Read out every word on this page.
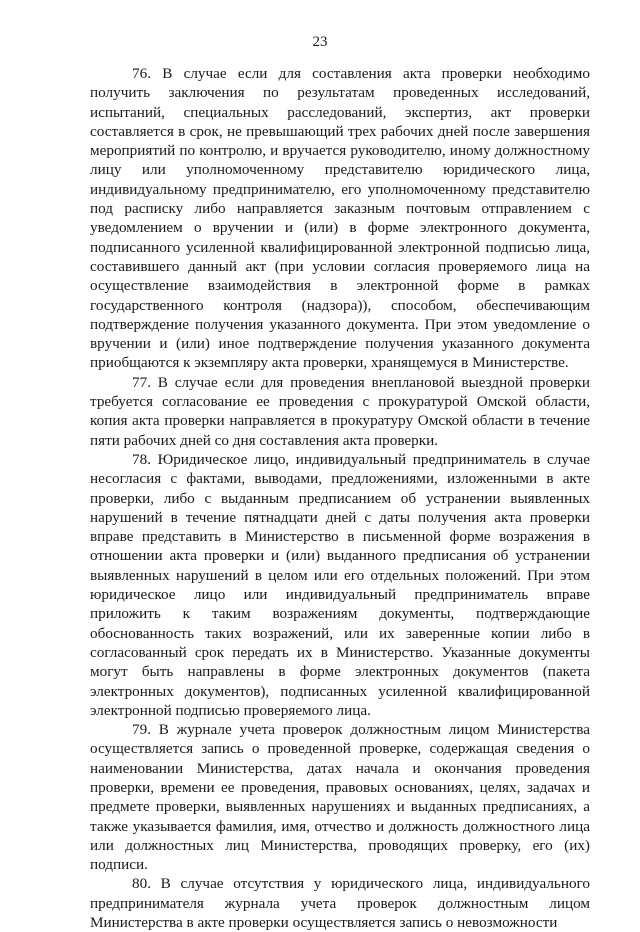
23

76. В случае если для составления акта проверки необходимо получить заключения по результатам проведенных исследований, испытаний, специальных расследований, экспертиз, акт проверки составляется в срок, не превышающий трех рабочих дней после завершения мероприятий по контролю, и вручается руководителю, иному должностному лицу или уполномоченному представителю юридического лица, индивидуальному предпринимателю, его уполномоченному представителю под расписку либо направляется заказным почтовым отправлением с уведомлением о вручении и (или) в форме электронного документа, подписанного усиленной квалифицированной электронной подписью лица, составившего данный акт (при условии согласия проверяемого лица на осуществление взаимодействия в электронной форме в рамках государственного контроля (надзора)), способом, обеспечивающим подтверждение получения указанного документа. При этом уведомление о вручении и (или) иное подтверждение получения указанного документа приобщаются к экземпляру акта проверки, хранящемуся в Министерстве.

77. В случае если для проведения внеплановой выездной проверки требуется согласование ее проведения с прокуратурой Омской области, копия акта проверки направляется в прокуратуру Омской области в течение пяти рабочих дней со дня составления акта проверки.

78. Юридическое лицо, индивидуальный предприниматель в случае несогласия с фактами, выводами, предложениями, изложенными в акте проверки, либо с выданным предписанием об устранении выявленных нарушений в течение пятнадцати дней с даты получения акта проверки вправе представить в Министерство в письменной форме возражения в отношении акта проверки и (или) выданного предписания об устранении выявленных нарушений в целом или его отдельных положений. При этом юридическое лицо или индивидуальный предприниматель вправе приложить к таким возражениям документы, подтверждающие обоснованность таких возражений, или их заверенные копии либо в согласованный срок передать их в Министерство. Указанные документы могут быть направлены в форме электронных документов (пакета электронных документов), подписанных усиленной квалифицированной электронной подписью проверяемого лица.

79. В журнале учета проверок должностным лицом Министерства осуществляется запись о проведенной проверке, содержащая сведения о наименовании Министерства, датах начала и окончания проведения проверки, времени ее проведения, правовых основаниях, целях, задачах и предмете проверки, выявленных нарушениях и выданных предписаниях, а также указывается фамилия, имя, отчество и должность должностного лица или должностных лиц Министерства, проводящих проверку, его (их) подписи.

80. В случае отсутствия у юридического лица, индивидуального предпринимателя журнала учета проверок должностным лицом Министерства в акте проверки осуществляется запись о невозможности
